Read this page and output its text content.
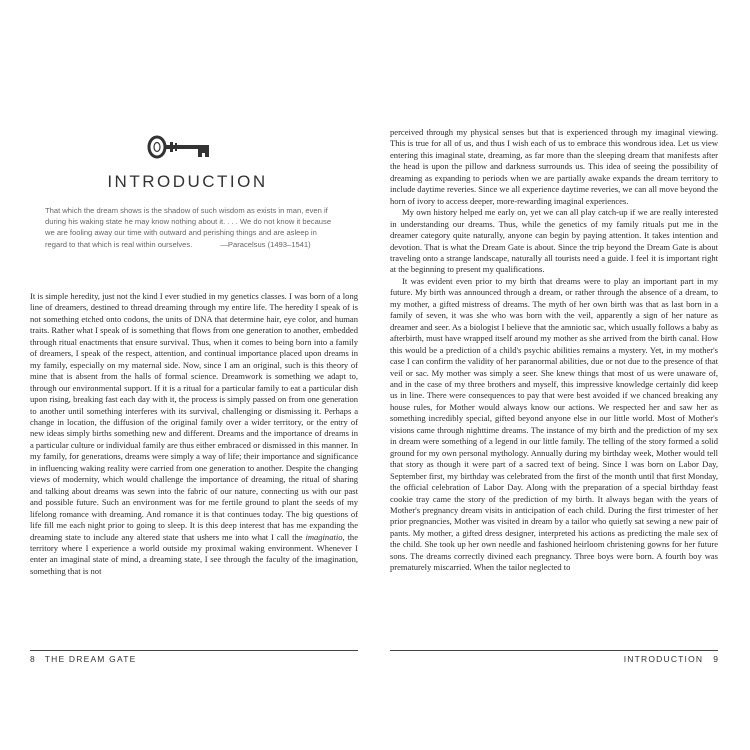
INTRODUCTION
That which the dream shows is the shadow of such wisdom as exists in man, even if during his waking state he may know nothing about it. . . . We do not know it because we are fooling away our time with outward and perishing things and are asleep in regard to that which is real within ourselves.	—Paracelsus (1493–1541)

It is simple heredity, just not the kind I ever studied in my genetics classes. I was born of a long line of dreamers, destined to thread dreaming through my entire life. The heredity I speak of is not something etched onto codons, the units of DNA that determine hair, eye color, and human traits. Rather what I speak of is something that flows from one generation to another, embedded through ritual enactments that ensure survival. Thus, when it comes to being born into a family of dreamers, I speak of the respect, attention, and continual importance placed upon dreams in my family, especially on my maternal side. Now, since I am an original, such is this theory of mine that is absent from the halls of formal science. Dreamwork is something we adapt to, through our environmental support. If it is a ritual for a particular family to eat a particular dish upon rising, breaking fast each day with it, the process is simply passed on from one generation to another until something interferes with its survival, challenging or dismissing it. Perhaps a change in location, the diffusion of the original family over a wider territory, or the entry of new ideas simply births something new and different. Dreams and the importance of dreams in a particular culture or individual family are thus either embraced or dismissed in this manner. In my family, for generations, dreams were simply a way of life; their importance and significance in influencing waking reality were carried from one generation to another. Despite the changing views of modernity, which would challenge the importance of dreaming, the ritual of sharing and talking about dreams was sewn into the fabric of our nature, connecting us with our past and possible future. Such an environment was for me fertile ground to plant the seeds of my lifelong romance with dreaming. And romance it is that continues today. The big questions of life fill me each night prior to going to sleep. It is this deep interest that has me expanding the dreaming state to include any altered state that ushers me into what I call the imaginatio, the territory where I experience a world outside my proximal waking environment. Whenever I enter an imaginal state of mind, a dreaming state, I see through the faculty of the imagination, something that is not

8 THE DREAM GATE

perceived through my physical senses but that is experienced through my imaginal viewing. This is true for all of us, and thus I wish each of us to embrace this wondrous idea. Let us view entering this imaginal state, dreaming, as far more than the sleeping dream that manifests after the head is upon the pillow and darkness surrounds us. This idea of seeing the possibility of dreaming as expanding to periods when we are partially awake expands the dream territory to include daytime reveries. Since we all experience daytime reveries, we can all move beyond the horn of ivory to access deeper, more-rewarding imaginal experiences.

My own history helped me early on, yet we can all play catch-up if we are really interested in understanding our dreams. Thus, while the genetics of my family rituals put me in the dreamer category quite naturally, anyone can begin by paying attention. It takes intention and devotion. That is what the Dream Gate is about. Since the trip beyond the Dream Gate is about traveling onto a strange landscape, naturally all tourists need a guide. I feel it is important right at the beginning to present my qualifications.

It was evident even prior to my birth that dreams were to play an important part in my future. My birth was announced through a dream, or rather through the absence of a dream, to my mother, a gifted mistress of dreams. The myth of her own birth was that as last born in a family of seven, it was she who was born with the veil, apparently a sign of her nature as dreamer and seer. As a biologist I believe that the amniotic sac, which usually follows a baby as afterbirth, must have wrapped itself around my mother as she arrived from the birth canal. How this would be a prediction of a child's psychic abilities remains a mystery. Yet, in my mother's case I can confirm the validity of her paranormal abilities, due or not due to the presence of that veil or sac. My mother was simply a seer. She knew things that most of us were unaware of, and in the case of my three brothers and myself, this impressive knowledge certainly did keep us in line. There were consequences to pay that were best avoided if we chanced breaking any house rules, for Mother would always know our actions. We respected her and saw her as something incredibly special, gifted beyond anyone else in our little world. Most of Mother's visions came through nighttime dreams. The instance of my birth and the prediction of my sex in dream were something of a legend in our little family. The telling of the story formed a solid ground for my own personal mythology. Annually during my birthday week, Mother would tell that story as though it were part of a sacred text of being. Since I was born on Labor Day, September first, my birthday was celebrated from the first of the month until that first Monday, the official celebration of Labor Day. Along with the preparation of a special birthday feast cookie tray came the story of the prediction of my birth. It always began with the years of Mother's pregnancy dream visits in anticipation of each child. During the first trimester of her prior pregnancies, Mother was visited in dream by a tailor who quietly sat sewing a new pair of pants. My mother, a gifted dress designer, interpreted his actions as predicting the male sex of the child. She took up her own needle and fashioned heirloom christening gowns for her future sons. The dreams correctly divined each pregnancy. Three boys were born. A fourth boy was prematurely miscarried. When the tailor neglected to

INTRODUCTION 9
